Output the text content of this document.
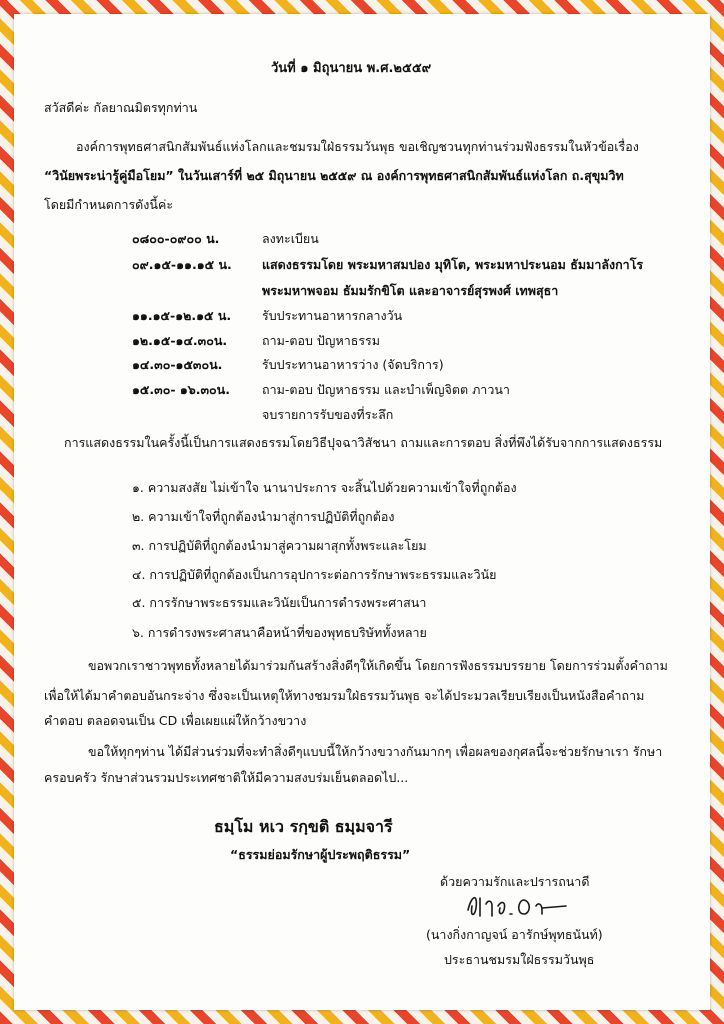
วันที่ ๑ มิถุนายน พ.ศ.๒๕๕๙
สวัสดีค่ะ กัลยาณมิตรทุกท่าน
องค์การพุทธศาสนิกสัมพันธ์แห่งโลกและชมรมใฝ่ธรรมวันพุธ ขอเชิญชวนทุกท่านร่วมฟังธรรมในหัวข้อเรื่อง
“วินัยพระน่ารู้คู่มือโยม” ในวันเสาร์ที่ ๒๕ มิถุนายน ๒๕๕๙ ณ องค์การพุทธศาสนิกสัมพันธ์แห่งโลก ถ.สุขุมวิท
โดยมีกำหนดการดังนี้ค่ะ
๐๘๐๐-๐๙๐๐ น.	ลงทะเบียน
๐๙.๑๕-๑๑.๑๕ น. แสดงธรรมโดย พระมหาสมปอง มุทิโต, พระมหาประนอม ธัมมาลังกาโร
พระมหาพจอม ธัมมรักขิโต และอาจารย์สุรพงศ์ เทพสุธา
๑๑.๑๕-๑๒.๑๕ น. รับประทานอาหารกลางวัน
๑๒.๑๕-๑๔.๓๐น.	ถาม-ตอบ ปัญหาธรรม
๑๔.๓๐-๑๕๓๐น.	รับประทานอาหารว่าง (จัดบริการ)
๑๕.๓๐- ๑๖.๓๐น.	ถาม-ตอบ ปัญหาธรรม และบำเพ็ญจิตต ภาวนา
จบรายการรับของที่ระลึก
การแสดงธรรมในครั้งนี้เป็นการแสดงธรรมโดยวิธีปุจฉาวิสัชนา ถามและการตอบ สิ่งที่พึงได้รับจากการแสดงธรรม
๑. ความสงสัย ไม่เข้าใจ นานาประการ จะสิ้นไปด้วยความเข้าใจที่ถูกต้อง
๒. ความเข้าใจที่ถูกต้องนำมาสู่การปฏิบัติที่ถูกต้อง
๓. การปฏิบัติที่ถูกต้องนำมาสู่ความผาสุกทั้งพระและโยม
๔. การปฏิบัติที่ถูกต้องเป็นการอุปการะต่อการรักษาพระธรรมและวินัย
๕. การรักษาพระธรรมและวินัยเป็นการดำรงพระศาสนา
๖. การดำรงพระศาสนาคือหน้าที่ของพุทธบริษัททั้งหลาย
ขอพวกเราชาวพุทธทั้งหลายได้มาร่วมกันสร้างสิ่งดีๆให้เกิดขึ้น โดยการฟังธรรมบรรยาย โดยการร่วมตั้งคำถาม
เพื่อให้ได้มาคำตอบอันกระจ่าง ซึ่งจะเป็นเหตุให้ทางชมรมใฝ่ธรรมวันพุธ จะได้ประมวลเรียบเรียงเป็นหนังสือคำถาม
คำตอบ ตลอดจนเป็น CD เพื่อเผยแผ่ให้กว้างขวาง
ขอให้ทุกๆท่าน ได้มีส่วนร่วมที่จะทำสิ่งดีๆแบบนี้ให้กว้างขวางกันมากๆ เพื่อผลของกุศลนี้จะช่วยรักษาเรา รักษา
ครอบครัว รักษาส่วนรวมประเทศชาติให้มีความสงบร่มเย็นตลอดไป...
ธมฺโม หเว รกฺขติ ธมฺมจารี
“ธรรมย่อมรักษาผู้ประพฤติธรรม”
ด้วยความรักและปรารถนาดี
(นางกิ่งกาญจน์ อารักษ์พุทธนันท์)
ประธานชมรมใฝ่ธรรมวันพุธ
